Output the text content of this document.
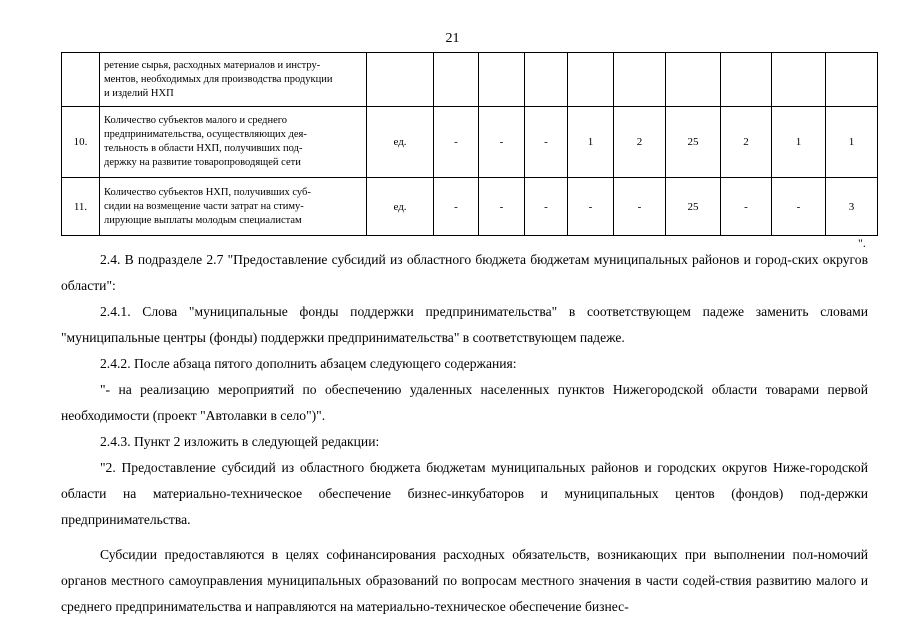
21

	ретение сырья, расходных материалов и инстру-
ментов, необходимых для производства продукции
и изделий НХП										

10.	Количество субъектов малого и среднего
предпринимательства, осуществляющих дея-
тельность в области НХП, получивших под-
держку на развитие товаропроводящей сети	ед.	-	-	-	1	2	25	2	1	1
11.	Количество субъектов НХП, получивших суб-
сидии на возмещение части затрат на стиму-
лирующие выплаты молодым специалистам	ед.	-	-	-	-	-	25	-	-	3
".

2.4. В подразделе 2.7 "Предоставление субсидий из областного бюджета бюджетам муниципальных районов и город-ских округов области":

2.4.1. Слова "муниципальные фонды поддержки предпринимательства" в соответствующем падеже заменить словами "муниципальные центры (фонды) поддержки предпринимательства" в соответствующем падеже.

2.4.2. После абзаца пятого дополнить абзацем следующего содержания:

"- на реализацию мероприятий по обеспечению удаленных населенных пунктов Нижегородской области товарами первой необходимости (проект "Автолавки в село")".

2.4.3. Пункт 2 изложить в следующей редакции:

"2. Предоставление субсидий из областного бюджета бюджетам муниципальных районов и городских округов Ниже-городской области на материально-техническое обеспечение бизнес-инкубаторов и муниципальных центов (фондов) под-держки предпринимательства.

Субсидии предоставляются в целях софинансирования расходных обязательств, возникающих при выполнении пол-номочий органов местного самоуправления муниципальных образований по вопросам местного значения в части содей-ствия развитию малого и среднего предпринимательства и направляются на материально-техническое обеспечение бизнес-
